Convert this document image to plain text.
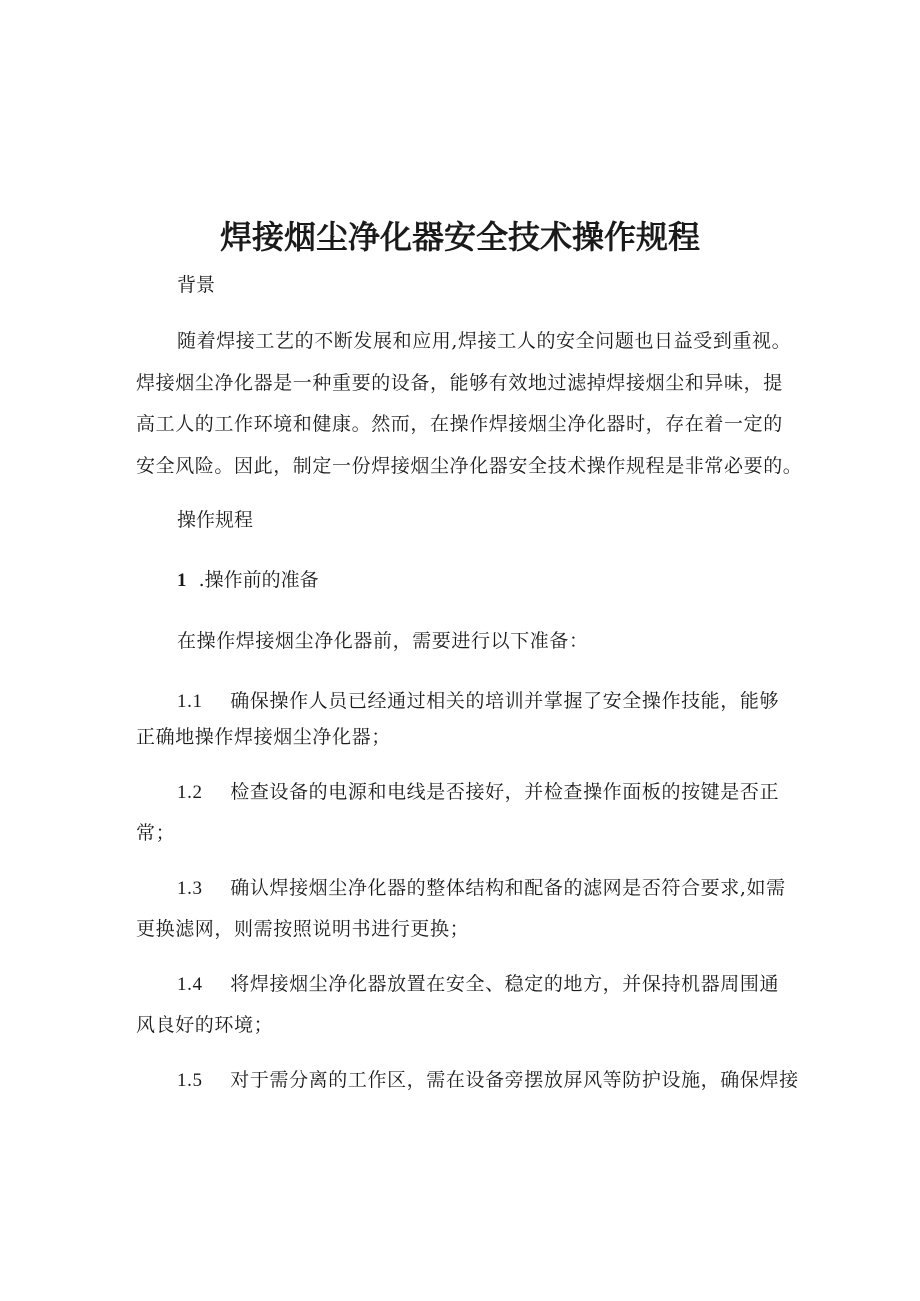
焊接烟尘净化器安全技术操作规程

背景

随着焊接工艺的不断发展和应用,焊接工人的安全问题也日益受到重视。

焊接烟尘净化器是一种重要的设备，能够有效地过滤掉焊接烟尘和异味，提

高工人的工作环境和健康。然而，在操作焊接烟尘净化器时，存在着一定的

安全风险。因此，制定一份焊接烟尘净化器安全技术操作规程是非常必要的。

操作规程

1 .操作前的准备

在操作焊接烟尘净化器前，需要进行以下准备：

1.1 确保操作人员已经通过相关的培训并掌握了安全操作技能，能够

正确地操作焊接烟尘净化器；

1.2 检查设备的电源和电线是否接好，并检查操作面板的按键是否正

常；

1.3 确认焊接烟尘净化器的整体结构和配备的滤网是否符合要求,如需

更换滤网，则需按照说明书进行更换；

1.4 将焊接烟尘净化器放置在安全、稳定的地方，并保持机器周围通

风良好的环境；

1.5 对于需分离的工作区，需在设备旁摆放屏风等防护设施，确保焊接
